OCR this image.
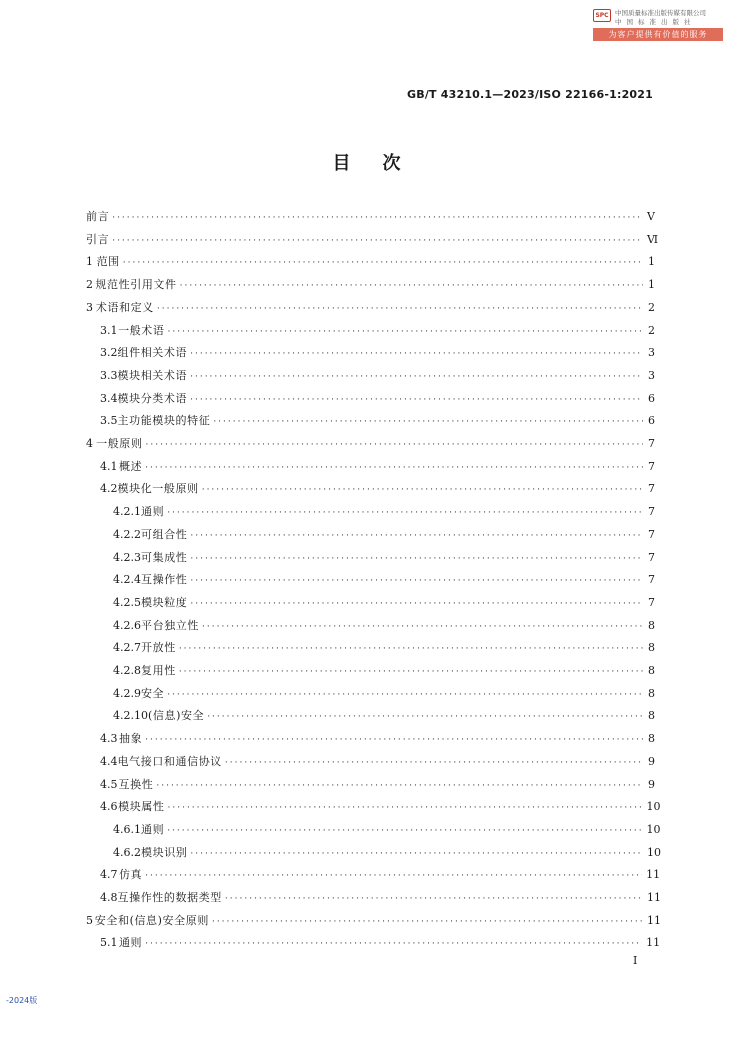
SPC 中国质量标准出版传媒有限公司
中国标准出版社
为客户提供有价值的服务
GB/T 43210.1—2023/ISO 22166-1:2021
目次
前言 ·····	Ⅴ
引言 ·····	Ⅵ
1 范围 ·····	1
2 规范性引用文件 ·····	1
3 术语和定义 ·····	2
3.1 一般术语 ·····	2
3.2 组件相关术语 ·····	3
3.3 模块相关术语 ·····	3
3.4 模块分类术语 ·····	6
3.5 主功能模块的特征 ·····	6
4 一般原则 ·····	7
4.1 概述 ·····	7
4.2 模块化一般原则 ·····	7
4.2.1 通则 ·····	7
4.2.2 可组合性 ·····	7
4.2.3 可集成性 ·····	7
4.2.4 互操作性 ·····	7
4.2.5 模块粒度 ·····	7
4.2.6 平台独立性 ·····	8
4.2.7 开放性 ·····	8
4.2.8 复用性 ·····	8
4.2.9 安全 ·····	8
4.2.10 (信息)安全 ·····	8
4.3 抽象 ·····	8
4.4 电气接口和通信协议 ·····	9
4.5 互换性 ·····	9
4.6 模块属性 ·····	10
4.6.1 通则 ·····	10
4.6.2 模块识别 ·····	10
4.7 仿真 ·····	11
4.8 互操作性的数据类型 ·····	11
5 安全和(信息)安全原则 ·····	11
5.1 通则 ·····	11
I
-2024版
